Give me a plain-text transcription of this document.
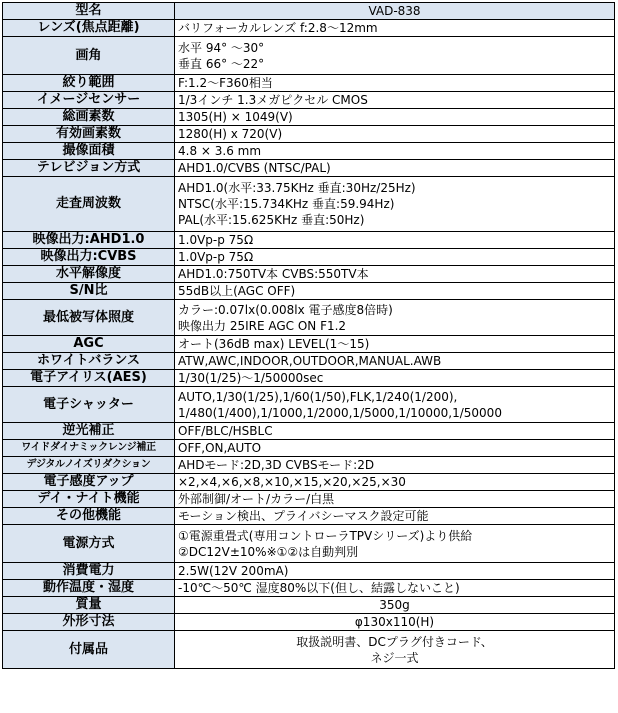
型名	VAD-838

レンズ(焦点距離)	バリフォーカルレンズ f:2.8～12mm

画角	水平 94° ～30°
垂直 66° ～22°

絞り範囲	F:1.2～F360相当

イメージセンサー	1/3インチ 1.3メガピクセル CMOS

総画素数	1305(H) × 1049(V)

有効画素数	1280(H) x 720(V)

撮像面積	4.8 × 3.6 mm

テレビジョン方式	AHD1.0/CVBS (NTSC/PAL)

走査周波数	AHD1.0(水平:33.75KHz 垂直:30Hz/25Hz)
NTSC(水平:15.734KHz 垂直:59.94Hz)
PAL(水平:15.625KHz 垂直:50Hz)

映像出力:AHD1.0	1.0Vp-p 75Ω

映像出力:CVBS	1.0Vp-p 75Ω

水平解像度	AHD1.0:750TV本 CVBS:550TV本

S/N比	55dB以上(AGC OFF)

最低被写体照度	カラー:0.07lx(0.008lx 電子感度8倍時)
映像出力 25IRE AGC ON F1.2

AGC	オート(36dB max) LEVEL(1～15)

ホワイトバランス	ATW,AWC,INDOOR,OUTDOOR,MANUAL.AWB

電子アイリス(AES)	1/30(1/25)～1/50000sec

電子シャッター	AUTO,1/30(1/25),1/60(1/50),FLK,1/240(1/200),
1/480(1/400),1/1000,1/2000,1/5000,1/10000,1/50000

逆光補正	OFF/BLC/HSBLC

ワイドダイナミックレンジ補正	OFF,ON,AUTO

デジタルノイズリダクション	AHDモード:2D,3D CVBSモード:2D

電子感度アップ	×2,×4,×6,×8,×10,×15,×20,×25,×30

デイ・ナイト機能	外部制御/オート/カラー/白黒

その他機能	モーション検出、プライバシーマスク設定可能

電源方式	①電源重畳式(専用コントローラTPVシリーズ)より供給
②DC12V±10%※①②は自動判別

消費電力	2.5W(12V 200mA)

動作温度・湿度	-10℃～50℃ 湿度80%以下(但し、結露しないこと)

質量	350g

外形寸法	φ130x110(H)

付属品	取扱説明書、DCプラグ付きコード、
ネジ一式
